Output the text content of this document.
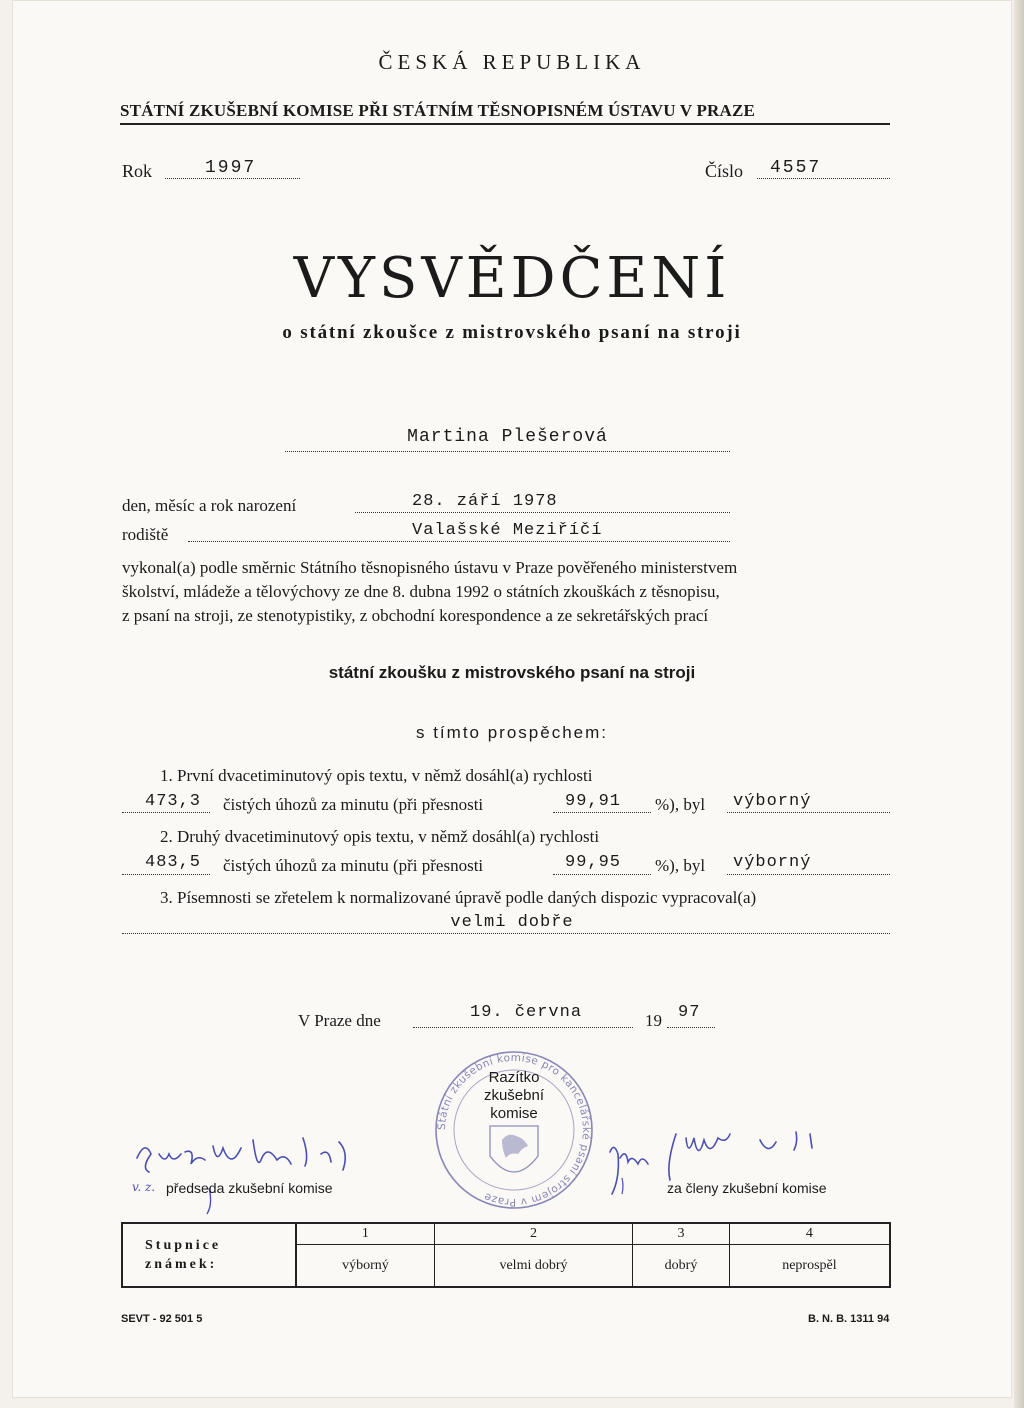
ČESKÁ REPUBLIKA
STÁTNÍ ZKUŠEBNÍ KOMISE PŘI STÁTNÍM TĚSNOPISNÉM ÚSTAVU V PRAZE
Rok	1997	Číslo 4557
VYSVĚDČENÍ
o státní zkoušce z mistrovského psaní na stroji
Martina Plešerová
den, měsíc a rok narození	28. září 1978
rodiště	Valašské Meziříčí
vykonal(a) podle směrnic Státního těsnopisného ústavu v Praze pověřeného ministerstvem
školství, mládeže a tělovýchovy ze dne 8. dubna 1992 o státních zkouškách z těsnopisu,
z psaní na stroji, ze stenotypistiky, z obchodní korespondence a ze sekretářských prací
státní zkoušku z mistrovského psaní na stroji
s tímto prospěchem:
1. První dvacetiminutový opis textu, v němž dosáhl(a) rychlosti
473,3 čistých úhozů za minutu (při přesnosti	99,91 %), byl výborný
2. Druhý dvacetiminutový opis textu, v němž dosáhl(a) rychlosti
483,5 čistých úhozů za minutu (při přesnosti	99,95 %), byl výborný
3. Písemnosti se zřetelem k normalizované úpravě podle daných dispozic vypracoval(a)
velmi dobře
V Praze dne	19. června	19 97
Státní zkušební komise pro kancelářské psaní strojem v Praze
Razítko
zkušební
komise
v. z. předseda zkušební komise	za členy zkušební komise
Stupnice
známek:	1	2	3	4
	výborný	velmi dobrý	dobrý	neprospěl
SEVT - 92 501 5	B. N. B. 1311 94
